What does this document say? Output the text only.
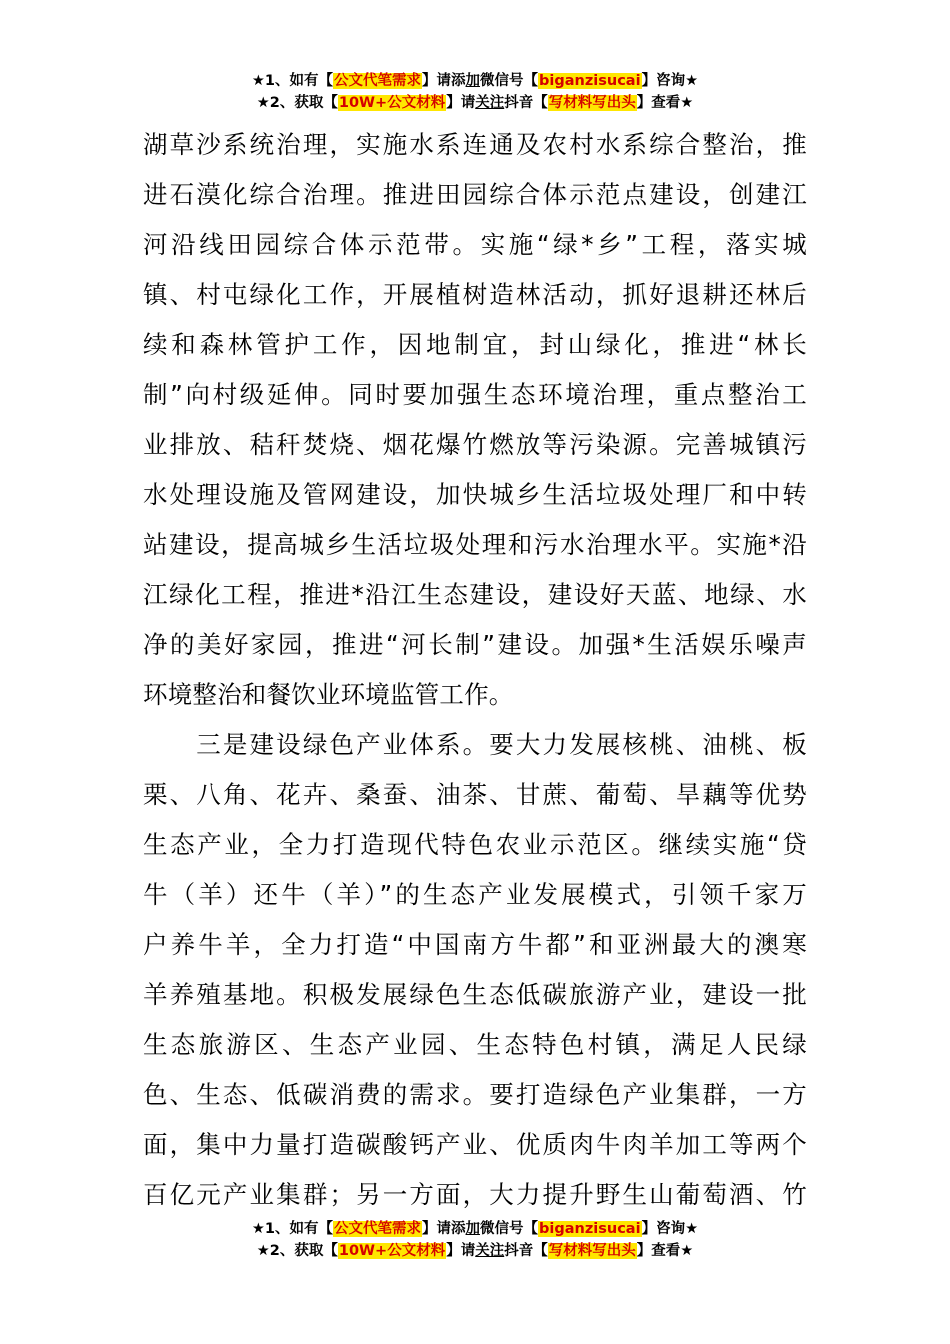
★1、如有【公文代笔需求】请添加微信号【biganzisucai】咨询★
★2、获取【10W+公文材料】请关注抖音【写材料写出头】查看★
湖草沙系统治理，实施水系连通及农村水系综合整治，推
进石漠化综合治理。推进田园综合体示范点建设，创建江
河沿线田园综合体示范带。实施“绿*乡”工程，落实城
镇、村屯绿化工作，开展植树造林活动，抓好退耕还林后
续和森林管护工作，因地制宜，封山绿化，推进“林长
制”向村级延伸。同时要加强生态环境治理，重点整治工
业排放、秸秆焚烧、烟花爆竹燃放等污染源。完善城镇污
水处理设施及管网建设，加快城乡生活垃圾处理厂和中转
站建设，提高城乡生活垃圾处理和污水治理水平。实施*沿
江绿化工程，推进*沿江生态建设，建设好天蓝、地绿、水
净的美好家园，推进“河长制”建设。加强*生活娱乐噪声
环境整治和餐饮业环境监管工作。
　　三是建设绿色产业体系。要大力发展核桃、油桃、板
栗、八角、花卉、桑蚕、油茶、甘蔗、葡萄、旱藕等优势
生态产业，全力打造现代特色农业示范区。继续实施“贷
牛（羊）还牛（羊）”的生态产业发展模式，引领千家万
户养牛羊，全力打造“中国南方牛都”和亚洲最大的澳寒
羊养殖基地。积极发展绿色生态低碳旅游产业，建设一批
生态旅游区、生态产业园、生态特色村镇，满足人民绿
色、生态、低碳消费的需求。要打造绿色产业集群，一方
面，集中力量打造碳酸钙产业、优质肉牛肉羊加工等两个
百亿元产业集群；另一方面，大力提升野生山葡萄酒、竹
★1、如有【公文代笔需求】请添加微信号【biganzisucai】咨询★
★2、获取【10W+公文材料】请关注抖音【写材料写出头】查看★
